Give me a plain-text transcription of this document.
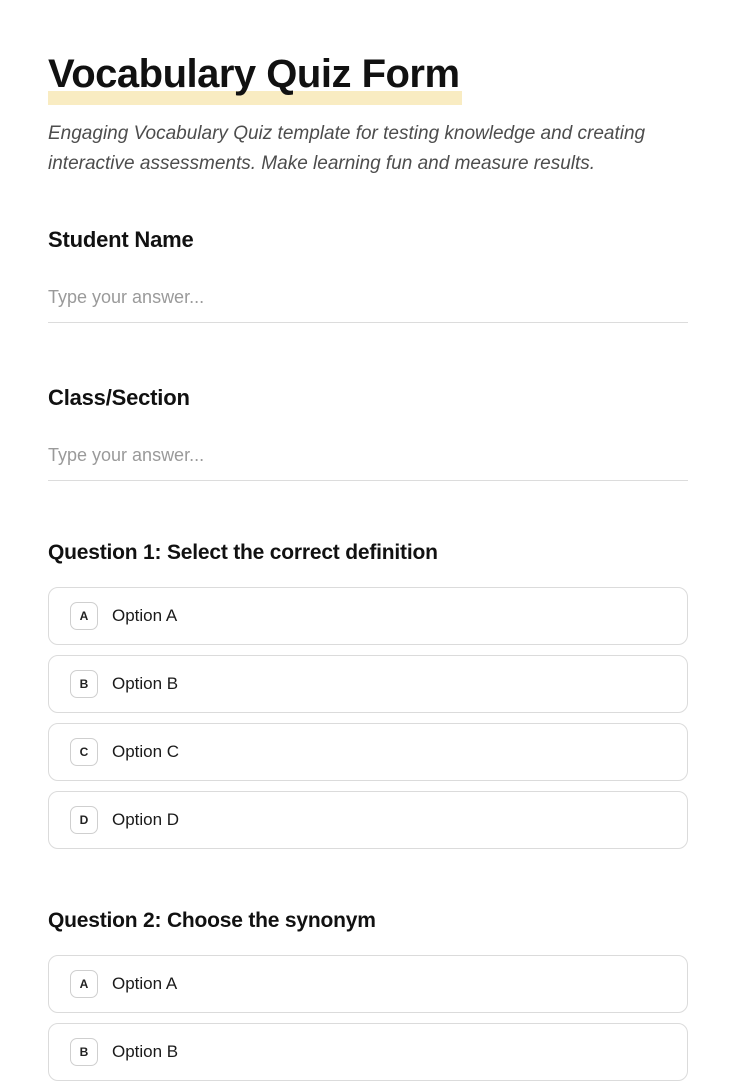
Vocabulary Quiz Form

Engaging Vocabulary Quiz template for testing knowledge and creating interactive assessments. Make learning fun and measure results.

Student Name
Type your answer...
Class/Section
Type your answer...
Question 1: Select the correct definition
A	Option A
B	Option B
C	Option C
D	Option D
Question 2: Choose the synonym
A	Option A
B	Option B
